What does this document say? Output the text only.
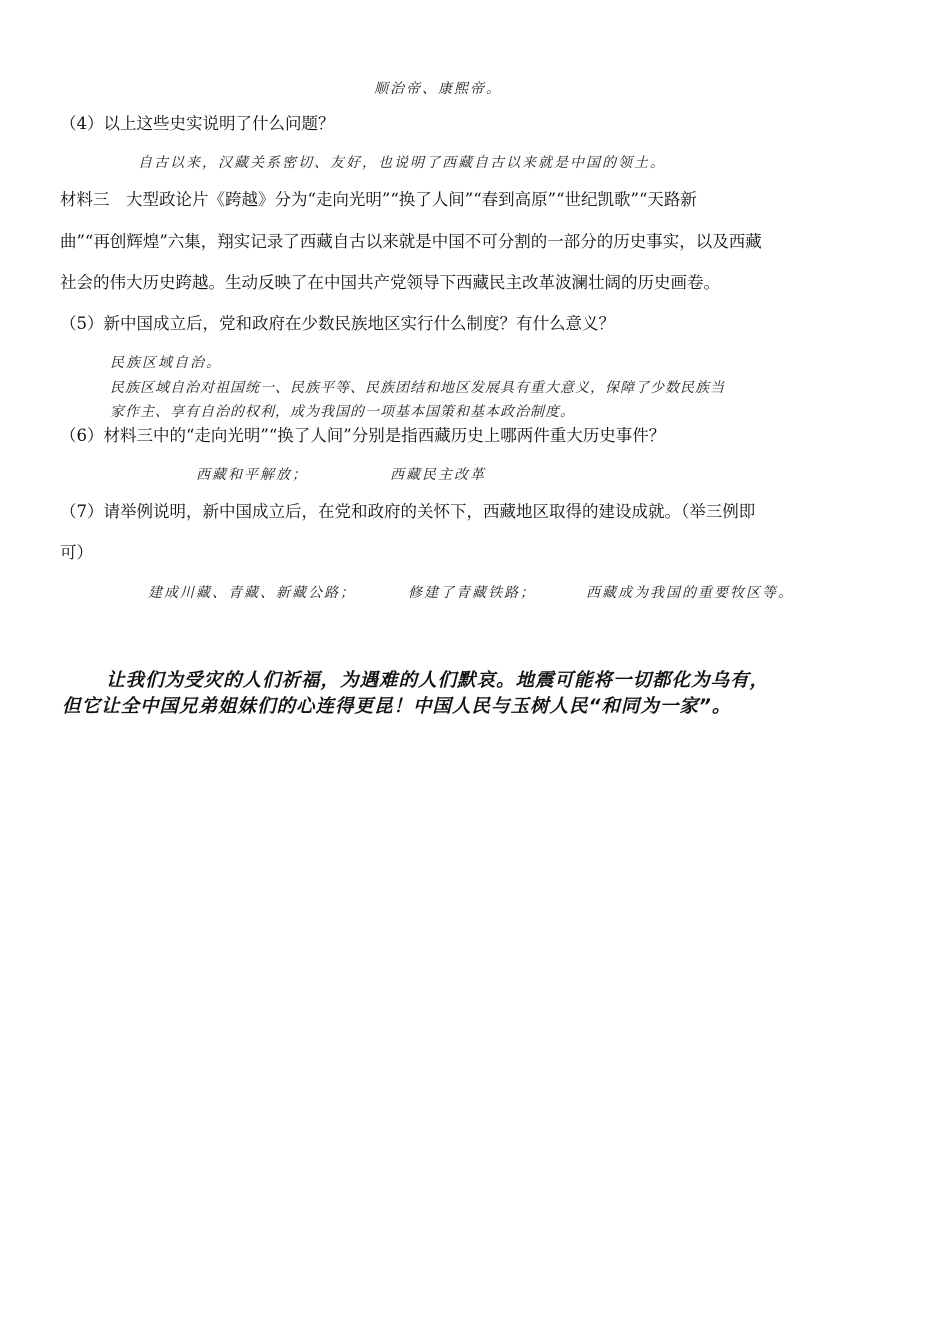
顺治帝、康熙帝。
（4）以上这些史实说明了什么问题？
自古以来，汉藏关系密切、友好，也说明了西藏自古以来就是中国的领土。
材料三　大型政论片《跨越》分为“走向光明”“换了人间”“春到高原”“世纪凯歌”“天路新
曲”“再创辉煌”六集，翔实记录了西藏自古以来就是中国不可分割的一部分的历史事实，以及西藏
社会的伟大历史跨越。生动反映了在中国共产党领导下西藏民主改革波澜壮阔的历史画卷。
（5）新中国成立后，党和政府在少数民族地区实行什么制度？有什么意义？
民族区域自治。
民族区域自治对祖国统一、民族平等、民族团结和地区发展具有重大意义，保障了少数民族当
家作主、享有自治的权利，成为我国的一项基本国策和基本政治制度。
（6）材料三中的“走向光明”“换了人间”分别是指西藏历史上哪两件重大历史事件？
西藏和平解放；	西藏民主改革
（7）请举例说明，新中国成立后，在党和政府的关怀下，西藏地区取得的建设成就。（举三例即
可）
建成川藏、青藏、新藏公路；	修建了青藏铁路；	西藏成为我国的重要牧区等。
让我们为受灾的人们祈福，为遇难的人们默哀。地震可能将一切都化为乌有，
但它让全中国兄弟姐妹们的心连得更昆！中国人民与玉树人民“和同为一家”。
